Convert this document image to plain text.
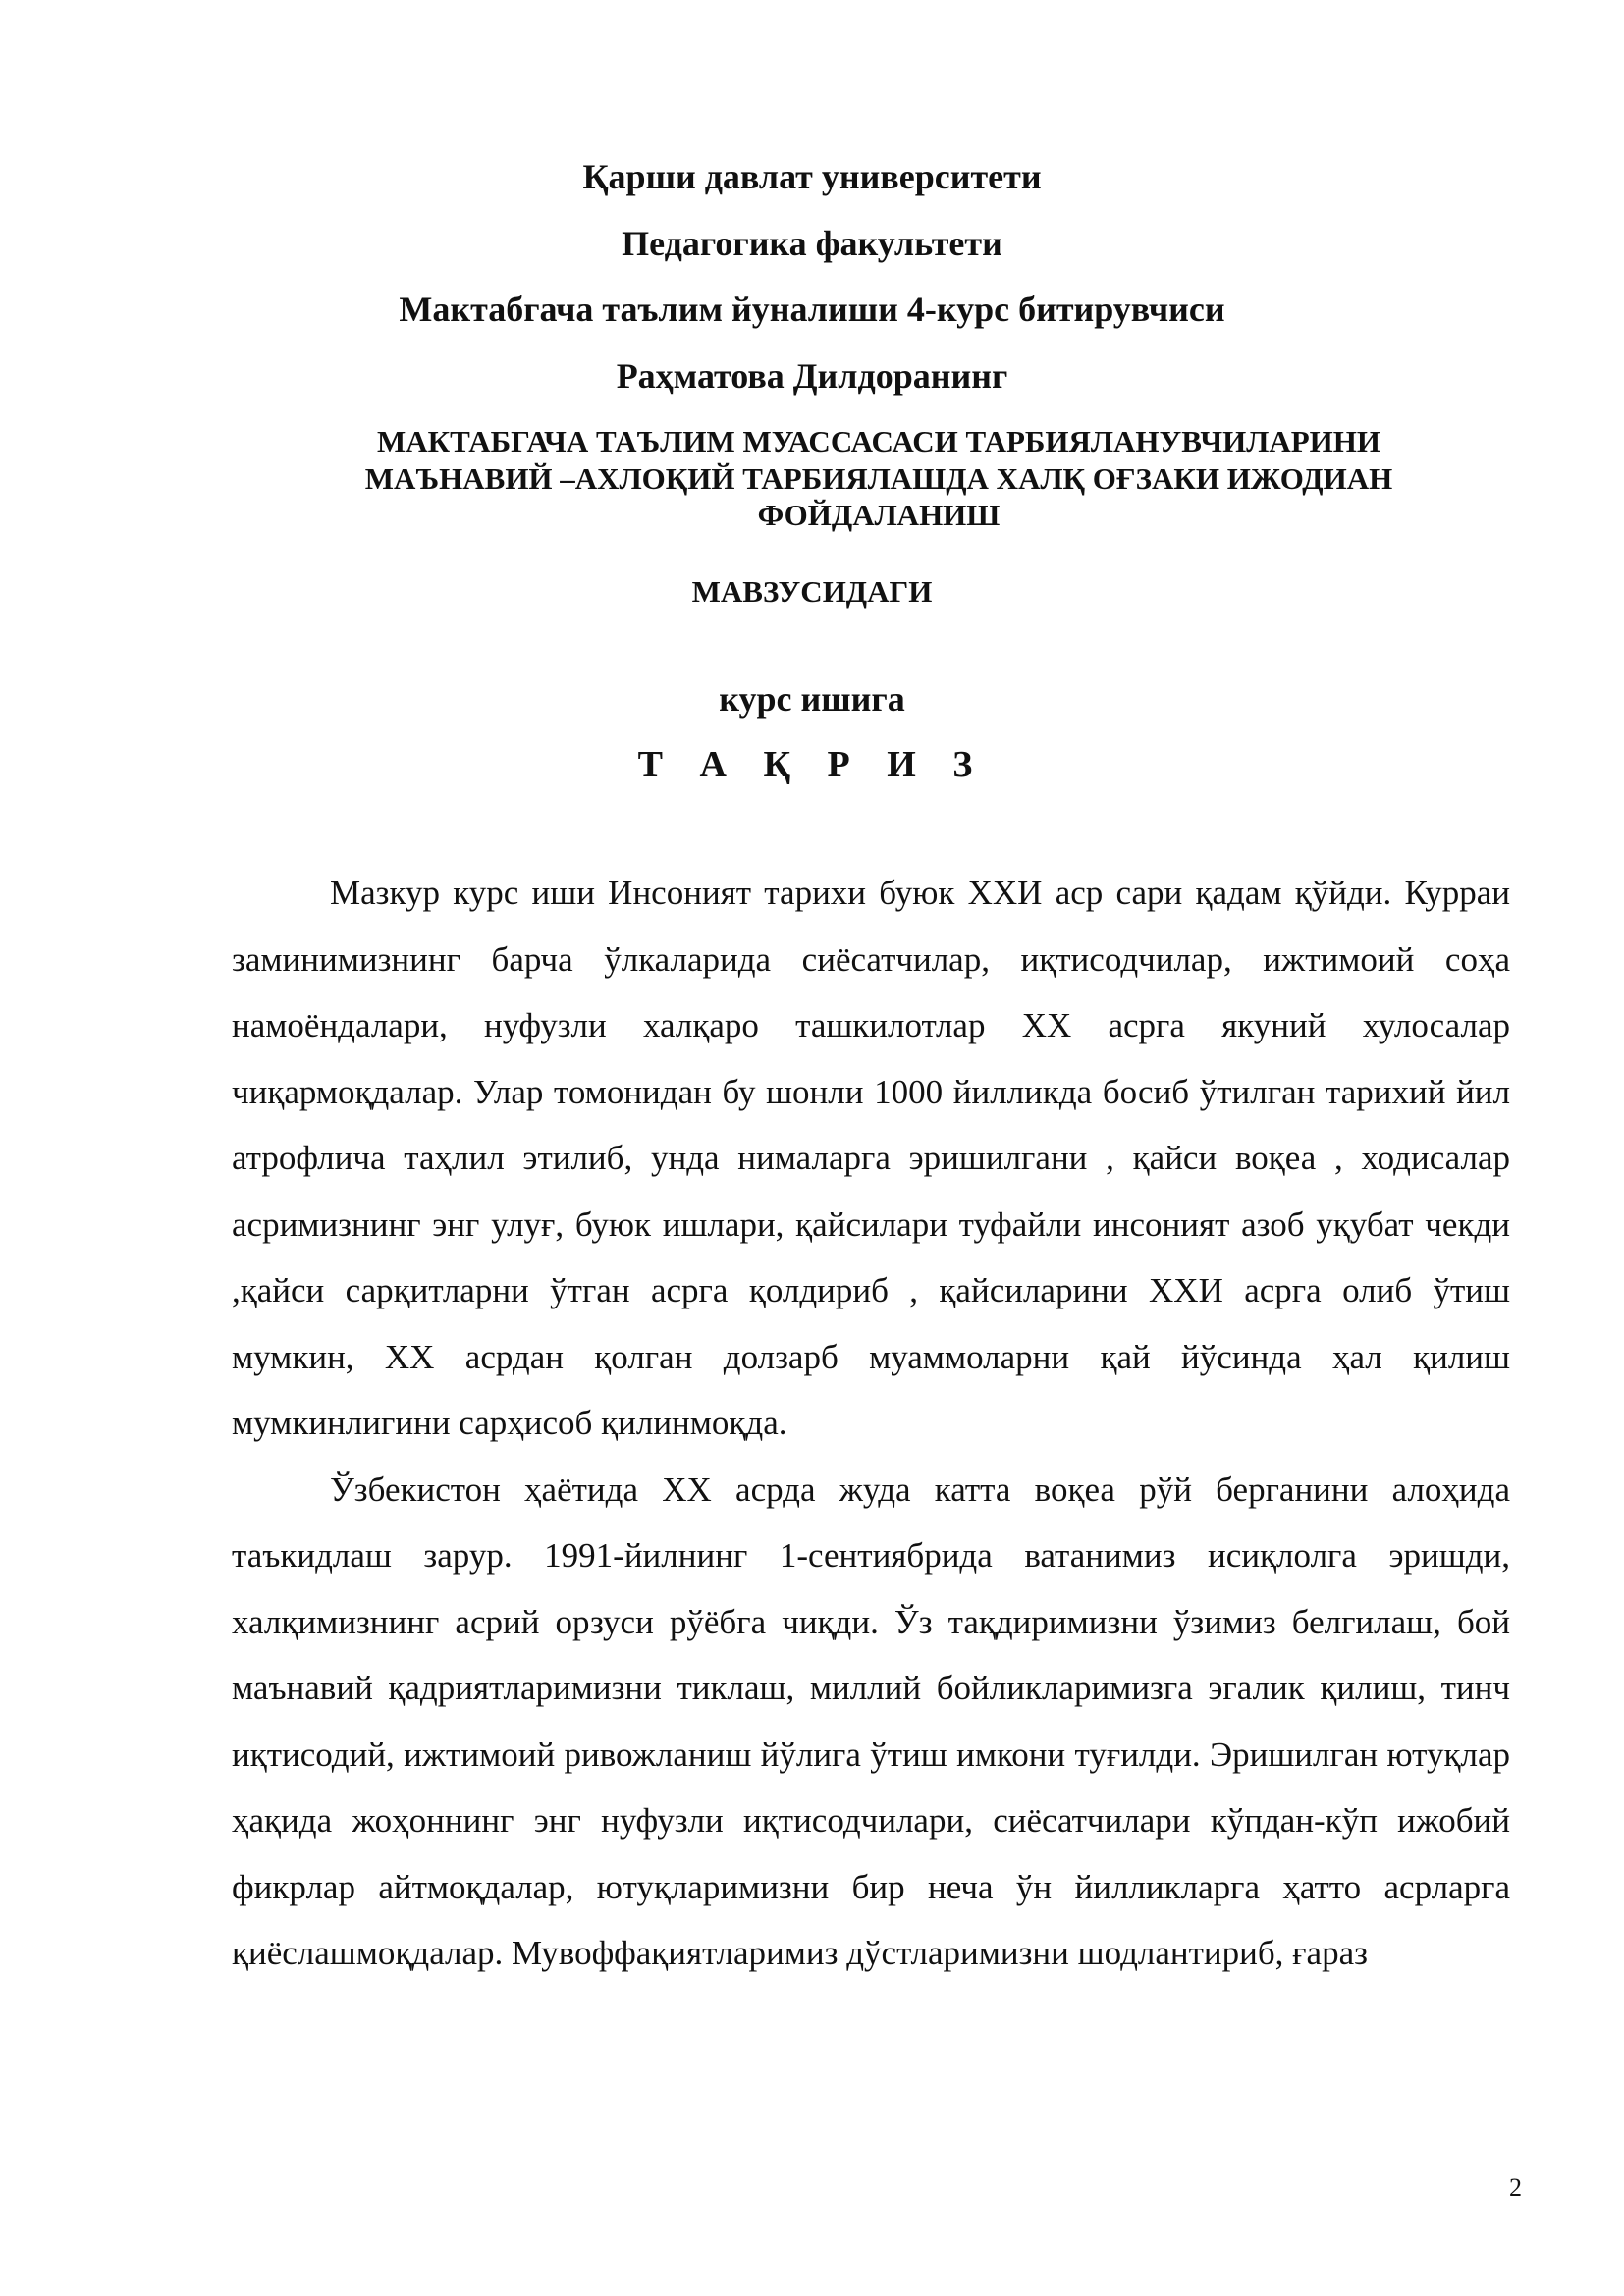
Қарши давлат университети
Педагогика факультети
Мактабгача таълим йуналиши 4-курс битирувчиси
Раҳматова Дилдоранинг
МАКТАБГАЧА ТАЪЛИМ МУАССАСАСИ ТАРБИЯЛАНУВЧИЛАРИНИ
МАЪНАВИЙ –АХЛОҚИЙ ТАРБИЯЛАШДА ХАЛҚ ОҒЗАКИ ИЖОДИАН
ФОЙДАЛАНИШ
МАВЗУСИДАГИ
курс ишига
Т А Қ Р И З

Мазкур курс иши Инсоният тарихи буюк XXИ аср сари қадам қўйди. Курраи заминимизнинг барча ўлкаларида сиёсатчилар, иқтисодчилар, ижтимоий соҳа намоёндалари, нуфузли халқаро ташкилотлар XX асрга якуний хулосалар чиқармоқдалар. Улар томонидан бу шонли 1000 йилликда босиб ўтилган тарихий йил атрофлича таҳлил этилиб, унда нималарга эришилгани , қайси воқеа , ходисалар асримизнинг энг улуғ, буюк ишлари, қайсилари туфайли инсоният азоб уқубат чекди ,қайси сарқитларни ўтган асрга қолдириб , қайсиларини XXИ асрга олиб ўтиш мумкин, XX асрдан қолган долзарб муаммоларни қай йўсинда ҳал қилиш мумкинлигини сарҳисоб қилинмоқда.

Ўзбекистон ҳаётида XX асрда жуда катта воқеа рўй берганини алоҳида таъкидлаш зарур. 1991-йилнинг 1-сентиябрида ватанимиз исиқлолга эришди, халқимизнинг асрий орзуси рўёбга чиқди. Ўз тақдиримизни ўзимиз белгилаш, бой маънавий қадриятларимизни тиклаш, миллий бойликларимизга эгалик қилиш, тинч иқтисодий, ижтимоий ривожланиш йўлига ўтиш имкони туғилди. Эришилган ютуқлар ҳақида жоҳоннинг энг нуфузли иқтисодчилари, сиёсатчилари кўпдан-кўп ижобий фикрлар айтмоқдалар, ютуқларимизни бир неча ўн йилликларга ҳатто асрларга қиёслашмоқдалар. Мувоффақиятларимиз дўстларимизни шодлантириб, ғараз

2
